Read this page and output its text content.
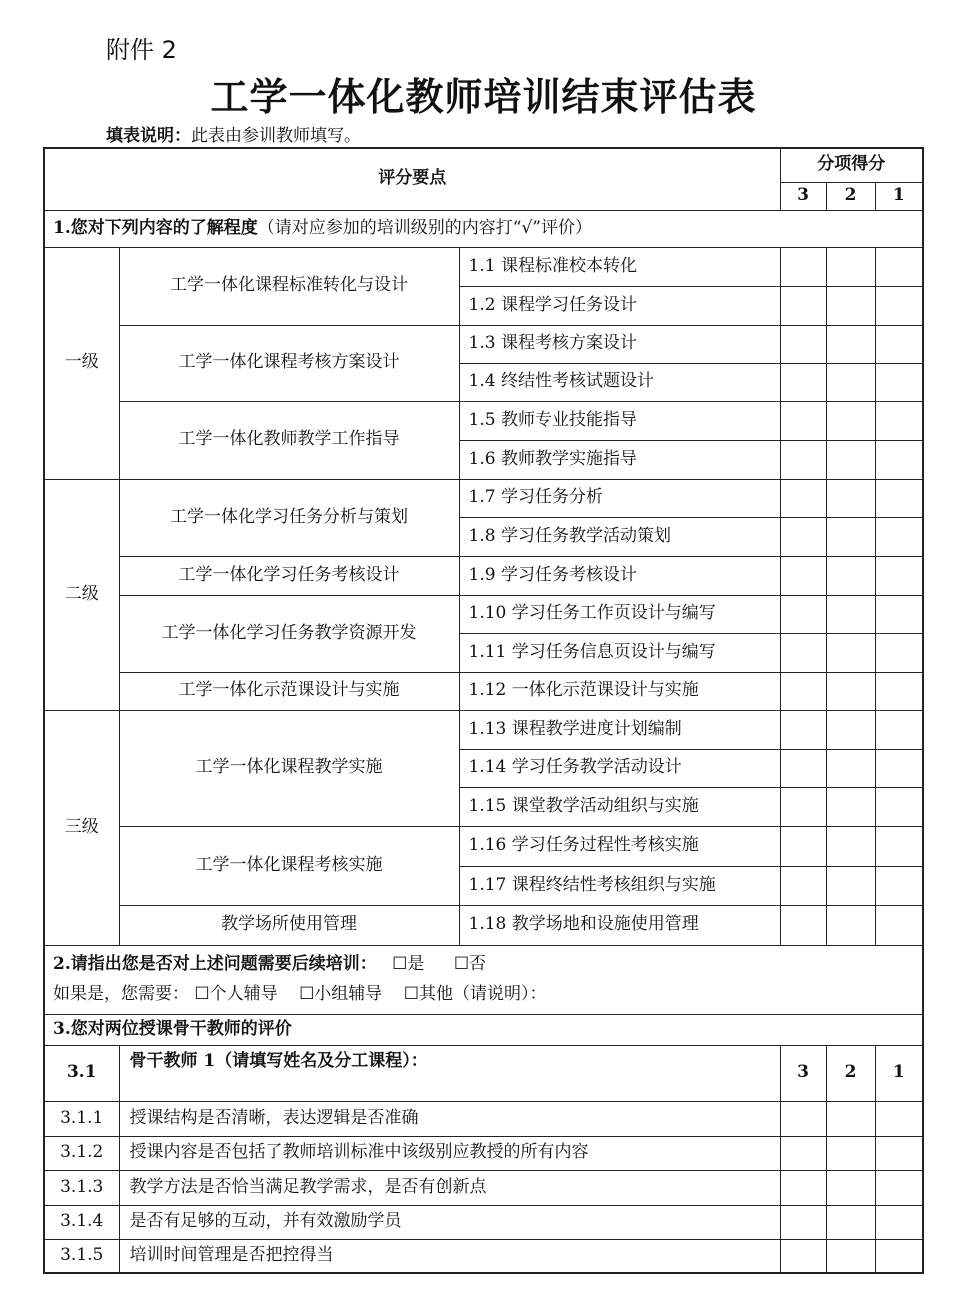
附件 2
工学一体化教师培训结束评估表
填表说明：此表由参训教师填写。
评分要点			分项得分		
			3	2	1
1.您对下列内容的了解程度（请对应参加的培训级别的内容打“√”评价）					
一级	工学一体化课程标准转化与设计	1.1 课程标准校本转化			
		1.2 课程学习任务设计			
	工学一体化课程考核方案设计	1.3 课程考核方案设计			
		1.4 终结性考核试题设计			
	工学一体化教师教学工作指导	1.5 教师专业技能指导			
		1.6 教师教学实施指导			
二级	工学一体化学习任务分析与策划	1.7 学习任务分析			
		1.8 学习任务教学活动策划			
	工学一体化学习任务考核设计	1.9 学习任务考核设计			
	工学一体化学习任务教学资源开发	1.10 学习任务工作页设计与编写			
		1.11 学习任务信息页设计与编写			
	工学一体化示范课设计与实施	1.12 一体化示范课设计与实施			
三级	工学一体化课程教学实施	1.13 课程教学进度计划编制			
		1.14 学习任务教学活动设计			
		1.15 课堂教学活动组织与实施			
	工学一体化课程考核实施	1.16 学习任务过程性考核实施			
		1.17 课程终结性考核组织与实施			
	教学场所使用管理	1.18 教学场地和设施使用管理			

2.请指出您是否对上述问题需要后续培训： ☐是 ☐否
如果是，您需要： ☐个人辅导 ☐小组辅导 ☐其他（请说明）：					

3.您对两位授课骨干教师的评价					
3.1	骨干教师 1（请填写姓名及分工课程）：		3	2	1
3.1.1	授课结构是否清晰，表达逻辑是否准确				
3.1.2	授课内容是否包括了教师培训标准中该级别应教授的所有内容				
3.1.3	教学方法是否恰当满足教学需求，是否有创新点				
3.1.4	是否有足够的互动，并有效激励学员				
3.1.5	培训时间管理是否把控得当				
